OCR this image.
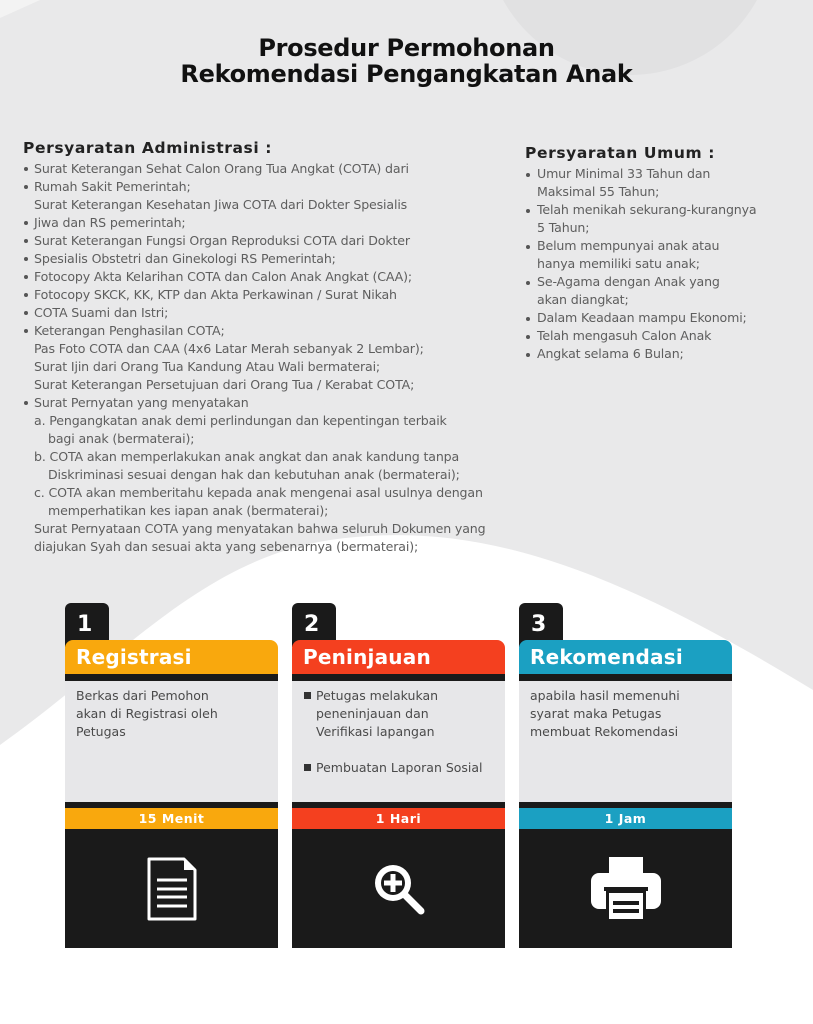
Prosedur Permohonan
Rekomendasi Pengangkatan Anak
Persyaratan Administrasi :
Surat Keterangan Sehat Calon Orang Tua Angkat (COTA) dari
Rumah Sakit Pemerintah;
Surat Keterangan Kesehatan Jiwa COTA dari Dokter Spesialis
Jiwa dan RS pemerintah;
Surat Keterangan Fungsi Organ Reproduksi COTA dari Dokter
Spesialis Obstetri dan Ginekologi RS Pemerintah;
Fotocopy Akta Kelarihan COTA dan Calon Anak Angkat (CAA);
Fotocopy SKCK, KK, KTP dan Akta Perkawinan / Surat Nikah
COTA Suami dan Istri;
Keterangan Penghasilan COTA;
Pas Foto COTA dan CAA (4x6 Latar Merah sebanyak 2 Lembar);
Surat Ijin dari Orang Tua Kandung Atau Wali bermaterai;
Surat Keterangan Persetujuan dari Orang Tua / Kerabat COTA;
Surat Pernyatan yang menyatakan
a. Pengangkatan anak demi perlindungan dan kepentingan terbaik
bagi anak (bermaterai);
b. COTA akan memperlakukan anak angkat dan anak kandung tanpa
Diskriminasi sesuai dengan hak dan kebutuhan anak (bermaterai);
c. COTA akan memberitahu kepada anak mengenai asal usulnya dengan
memperhatikan kes iapan anak (bermaterai);
Surat Pernyataan COTA yang menyatakan bahwa seluruh Dokumen yang
diajukan Syah dan sesuai akta yang sebenarnya (bermaterai);
Persyaratan Umum :
Umur Minimal 33 Tahun dan
Maksimal 55 Tahun;
Telah menikah sekurang-kurangnya
5 Tahun;
Belum mempunyai anak atau
hanya memiliki satu anak;
Se-Agama dengan Anak yang
akan diangkat;
Dalam Keadaan mampu Ekonomi;
Telah mengasuh Calon Anak
Angkat selama 6 Bulan;
1
Registrasi
Berkas dari Pemohon akan di Registrasi oleh Petugas
15 Menit
2
Peninjauan
Petugas melakukan peneninjauan dan Verifikasi lapangan
Pembuatan Laporan Sosial
1 Hari
3
Rekomendasi
apabila hasil memenuhi syarat maka Petugas membuat Rekomendasi
1 Jam
